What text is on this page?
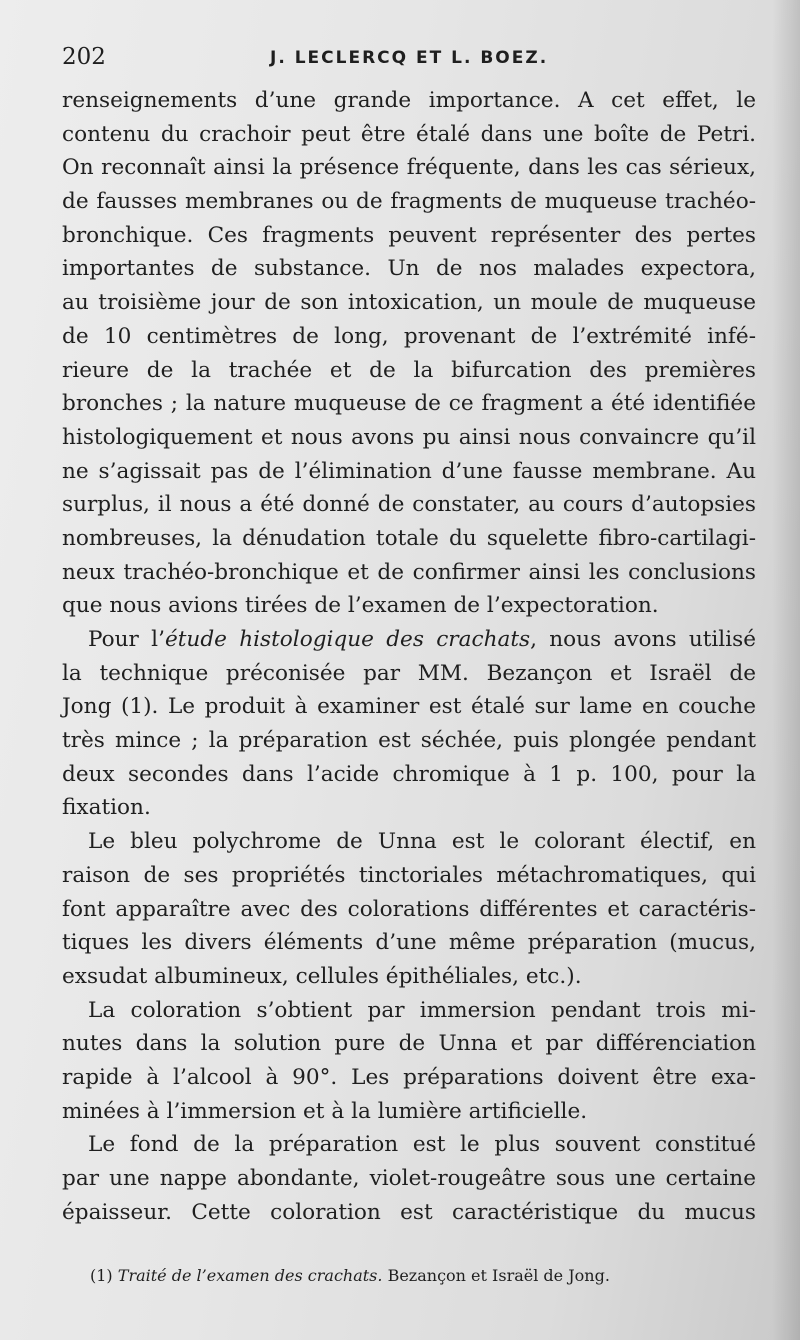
202	J. LECLERCQ ET L. BOEZ.
renseignements d’une grande importance. A cet effet, le
contenu du crachoir peut être étalé dans une boîte de Petri.
On reconnaît ainsi la présence fréquente, dans les cas sérieux,
de fausses membranes ou de fragments de muqueuse trachéo-
bronchique. Ces fragments peuvent représenter des pertes
importantes de substance. Un de nos malades expectora,
au troisième jour de son intoxication, un moule de muqueuse
de 10 centimètres de long, provenant de l’extrémité infé-
rieure de la trachée et de la bifurcation des premières
bronches ; la nature muqueuse de ce fragment a été identifiée
histologiquement et nous avons pu ainsi nous convaincre qu’il
ne s’agissait pas de l’élimination d’une fausse membrane. Au
surplus, il nous a été donné de constater, au cours d’autopsies
nombreuses, la dénudation totale du squelette fibro-cartilagi-
neux trachéo-bronchique et de confirmer ainsi les conclusions
que nous avions tirées de l’examen de l’expectoration.
Pour l’étude histologique des crachats, nous avons utilisé
la technique préconisée par MM. Bezançon et Israël de
Jong (1). Le produit à examiner est étalé sur lame en couche
très mince ; la préparation est séchée, puis plongée pendant
deux secondes dans l’acide chromique à 1 p. 100, pour la
fixation.
Le bleu polychrome de Unna est le colorant électif, en
raison de ses propriétés tinctoriales métachromatiques, qui
font apparaître avec des colorations différentes et caractéris-
tiques les divers éléments d’une même préparation (mucus,
exsudat albumineux, cellules épithéliales, etc.).
La coloration s’obtient par immersion pendant trois mi-
nutes dans la solution pure de Unna et par différenciation
rapide à l’alcool à 90°. Les préparations doivent être exa-
minées à l’immersion et à la lumière artificielle.
Le fond de la préparation est le plus souvent constitué
par une nappe abondante, violet-rougeâtre sous une certaine
épaisseur. Cette coloration est caractéristique du mucus
(1) Traité de l’examen des crachats. Bezançon et Israël de Jong.
